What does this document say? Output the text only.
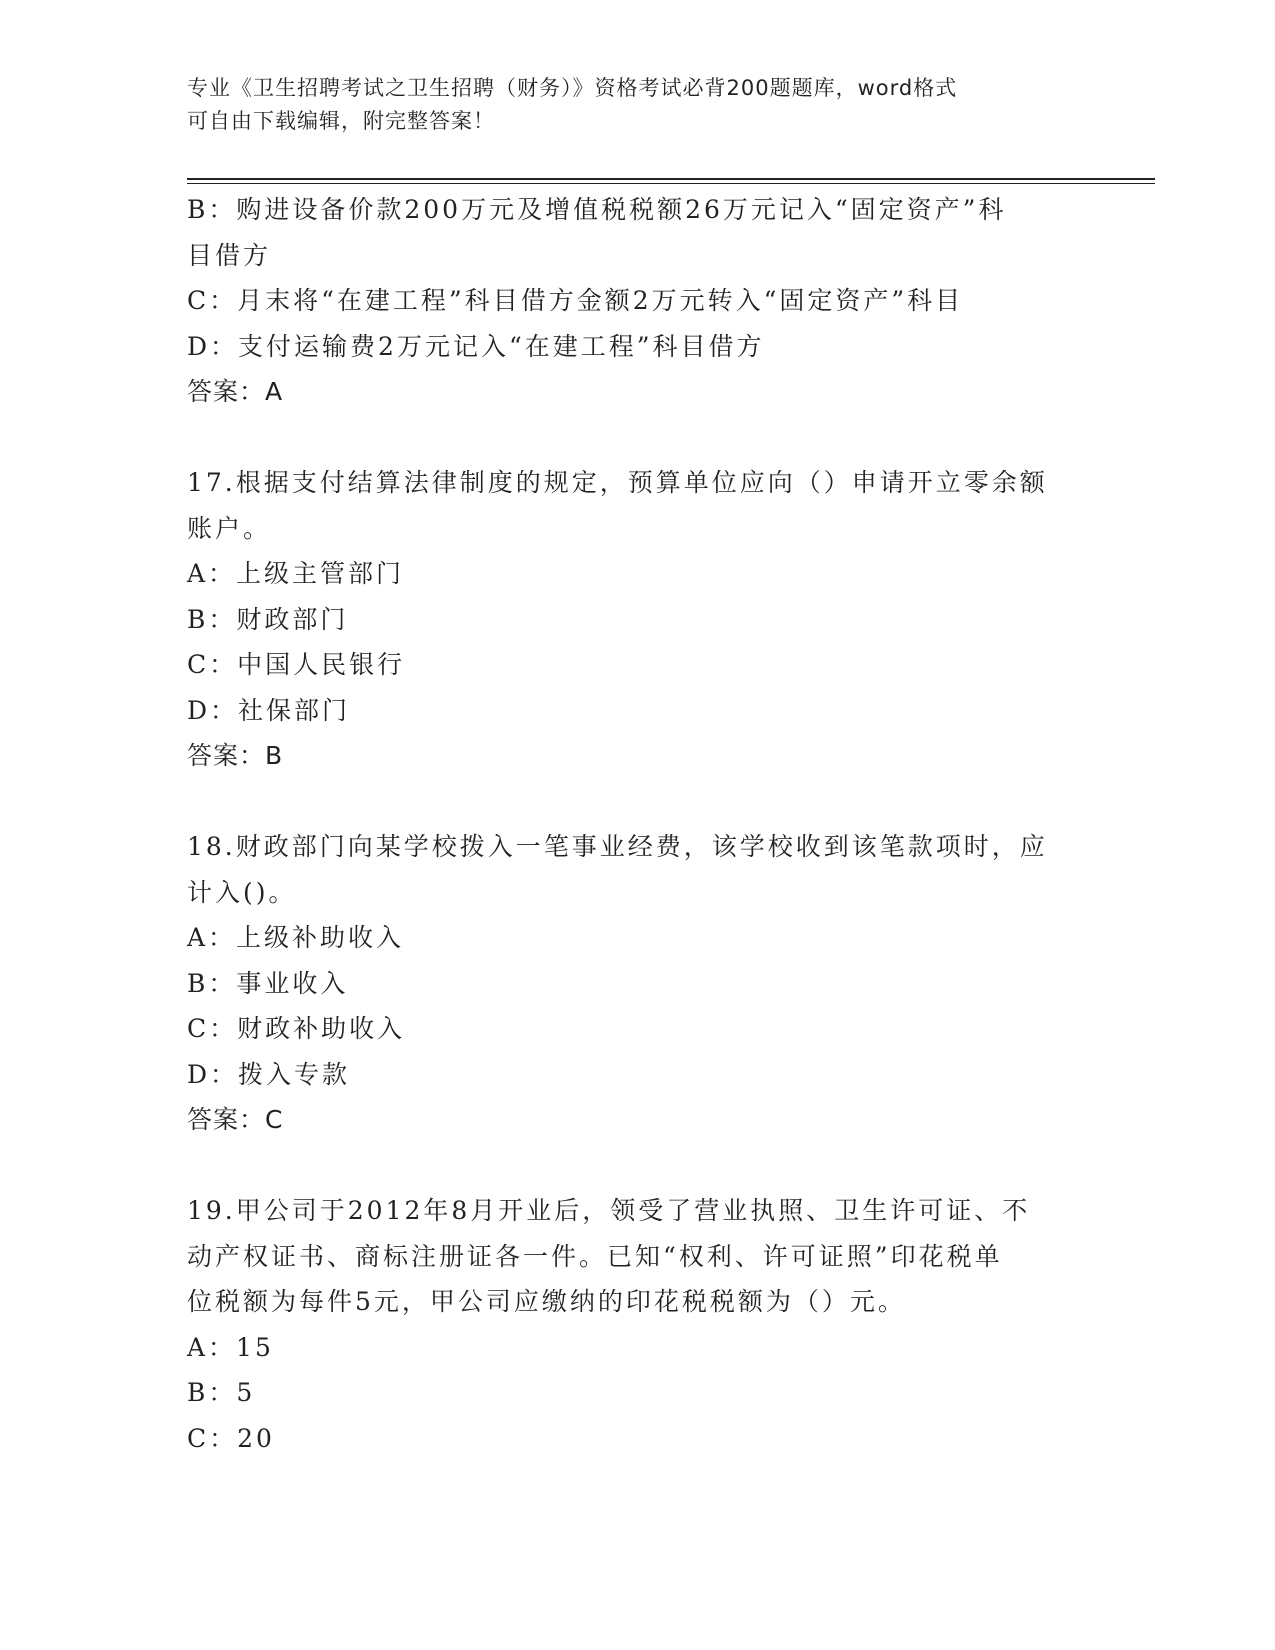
专业《卫生招聘考试之卫生招聘（财务）》资格考试必背200题题库，word格式
可自由下载编辑，附完整答案！
B：购进设备价款200万元及增值税税额26万元记入“固定资产”科
目借方
C：月末将“在建工程”科目借方金额2万元转入“固定资产”科目
D：支付运输费2万元记入“在建工程”科目借方
答案：A
17.根据支付结算法律制度的规定，预算单位应向（）申请开立零余额
账户。
A：上级主管部门
B：财政部门
C：中国人民银行
D：社保部门
答案：B
18.财政部门向某学校拨入一笔事业经费，该学校收到该笔款项时，应
计入()。
A：上级补助收入
B：事业收入
C：财政补助收入
D：拨入专款
答案：C
19.甲公司于2012年8月开业后，领受了营业执照、卫生许可证、不
动产权证书、商标注册证各一件。已知“权利、许可证照”印花税单
位税额为每件5元，甲公司应缴纳的印花税税额为（）元。
A：15
B：5
C：20
